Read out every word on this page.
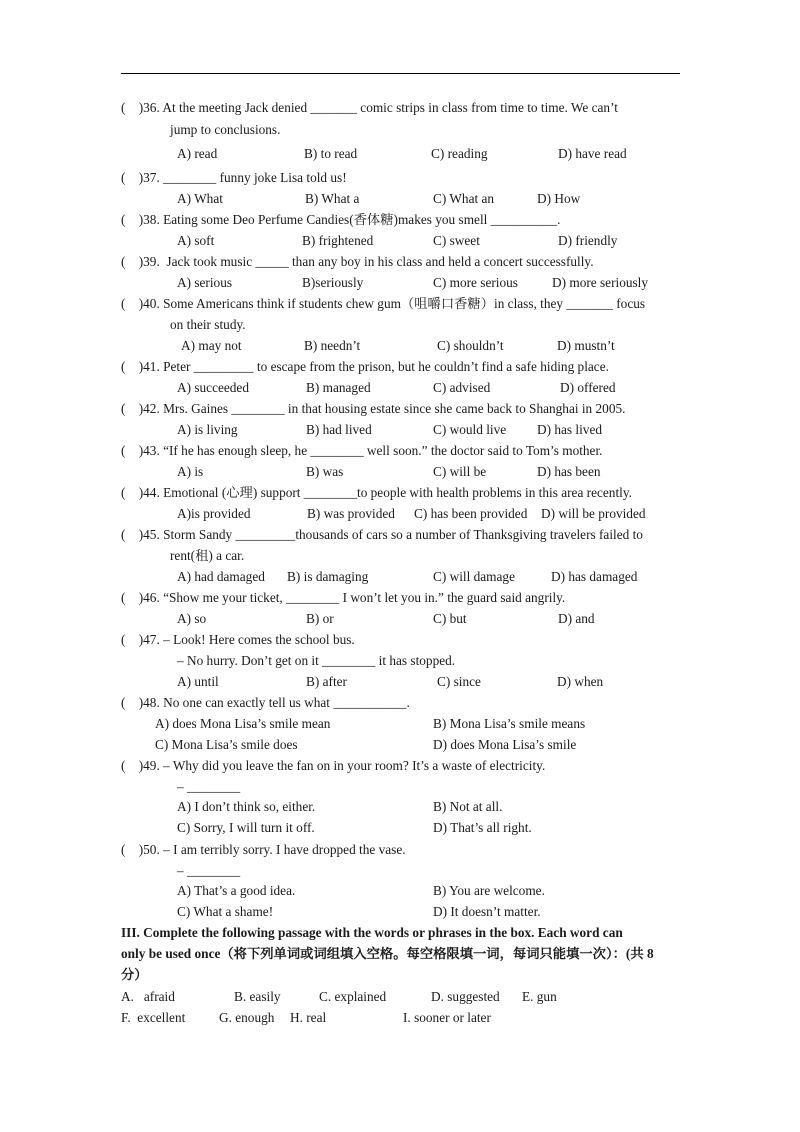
(    )36. At the meeting Jack denied _______ comic strips in class from time to time. We can’t
jump to conclusions.
A) read	B) to read	C) reading	D) have read
(    )37. ________ funny joke Lisa told us!
A) What	B) What a	C) What an	D) How
(    )38. Eating some Deo Perfume Candies(香体糖)makes you smell __________.
A) soft	B) frightened	C) sweet	D) friendly
(    )39.  Jack took music _____ than any boy in his class and held a concert successfully.
A) serious	B)seriously	C) more serious	D) more seriously
(    )40. Some Americans think if students chew gum（咀嚼口香糖）in class, they _______ focus
on their study.
A) may not	B) needn’t	C) shouldn’t	D) mustn’t
(    )41. Peter _________ to escape from the prison, but he couldn’t find a safe hiding place.
A) succeeded	B) managed	C) advised	D) offered
(    )42. Mrs. Gaines ________ in that housing estate since she came back to Shanghai in 2005.
A) is living	B) had lived	C) would live D) has lived
(    )43. “If he has enough sleep, he ________ well soon.” the doctor said to Tom’s mother.
A) is	B) was	C) will be	D) has been
(    )44. Emotional (心理) support ________to people with health problems in this area recently.
A)is provided	B) was provided C) has been provided D) will be provided
(    )45. Storm Sandy _________thousands of cars so a number of Thanksgiving travelers failed to
rent(租) a car.
A) had damaged B) is damaging	C) will damage	D) has damaged
(    )46. “Show me your ticket, ________ I won’t let you in.” the guard said angrily.
A) so	B) or	C) but	D) and
(    )47. – Look! Here comes the school bus.
– No hurry. Don’t get on it ________ it has stopped.
A) until	B) after	C) since	D) when
(    )48. No one can exactly tell us what ___________.
A) does Mona Lisa’s smile mean	B) Mona Lisa’s smile means
C) Mona Lisa’s smile does	D) does Mona Lisa’s smile
(    )49. – Why did you leave the fan on in your room? It’s a waste of electricity.
– ________
A) I don’t think so, either.	B) Not at all.
C) Sorry, I will turn it off.	D) That’s all right.
(    )50. – I am terribly sorry. I have dropped the vase.
– ________
A) That’s a good idea.	B) You are welcome.
C) What a shame!	D) It doesn’t matter.
III. Complete the following passage with the words or phrases in the box. Each word can
only be used once（将下列单词或词组填入空格。每空格限填一词，每词只能填一次）：(共 8
分）
A.   afraid	B. easily	C. explained	D. suggested E. gun
F.  excellent	G. enough H. real	I. sooner or later
